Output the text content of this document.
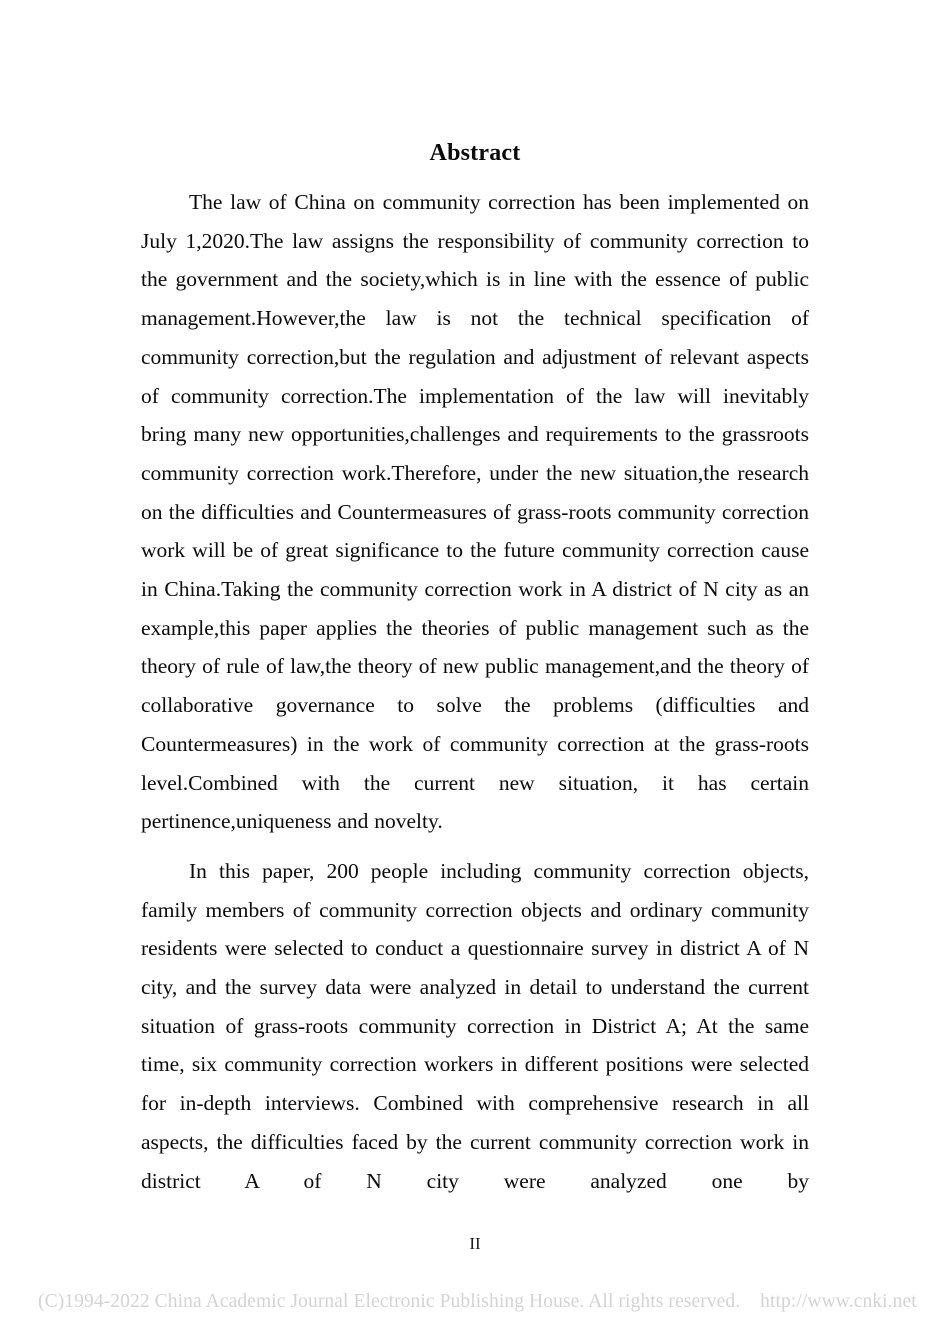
Abstract

The law of China on community correction has been implemented on July 1,2020.The law assigns the responsibility of community correction to the government and the society,which is in line with the essence of public management.However,the law is not the technical specification of community correction,but the regulation and adjustment of relevant aspects of community correction.The implementation of the law will inevitably bring many new opportunities,challenges and requirements to the grassroots community correction work.Therefore, under the new situation,the research on the difficulties and Countermeasures of grass-roots community correction work will be of great significance to the future community correction cause in China.Taking the community correction work in A district of N city as an example,this paper applies the theories of public management such as the theory of rule of law,the theory of new public management,and the theory of collaborative governance to solve the problems (difficulties and Countermeasures) in the work of community correction at the grass-roots level.Combined with the current new situation, it has certain pertinence,uniqueness and novelty.

In this paper, 200 people including community correction objects, family members of community correction objects and ordinary community residents were selected to conduct a questionnaire survey in district A of N city, and the survey data were analyzed in detail to understand the current situation of grass-roots community correction in District A; At the same time, six community correction workers in different positions were selected for in-depth interviews. Combined with comprehensive research in all aspects, the difficulties faced by the current community correction work in district A of N city were analyzed one by

II
(C)1994-2022 China Academic Journal Electronic Publishing House. All rights reserved.    http://www.cnki.net
